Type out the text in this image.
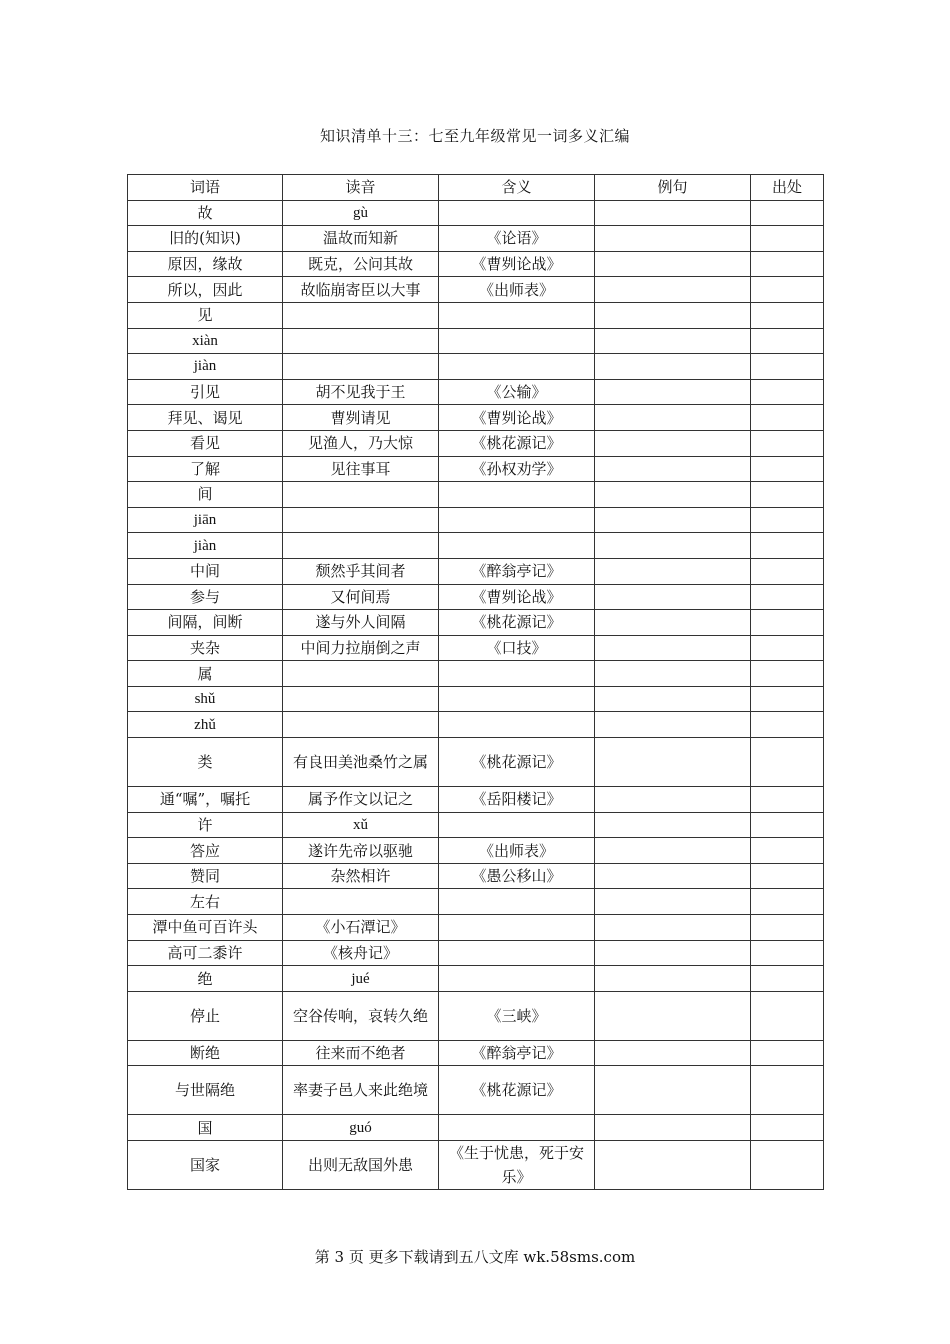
知识清单十三：七至九年级常见一词多义汇编
词语	读音	含义	例句	出处
故	gù			
旧的(知识)	温故而知新	《论语》		
原因，缘故	既克，公问其故	《曹刿论战》		
所以，因此	故临崩寄臣以大事	《出师表》		
见				
xiàn				
jiàn				
引见	胡不见我于王	《公输》		
拜见、谒见	曹刿请见	《曹刿论战》		
看见	见渔人，乃大惊	《桃花源记》		
了解	见往事耳	《孙权劝学》		
间				
jiān				
jiàn				
中间	颓然乎其间者	《醉翁亭记》		
参与	又何间焉	《曹刿论战》		
间隔，间断	遂与外人间隔	《桃花源记》		
夹杂	中间力拉崩倒之声	《口技》		
属				
shǔ				
zhǔ				
类	有良田美池桑竹之属	《桃花源记》		
通“嘱”，嘱托	属予作文以记之	《岳阳楼记》		
许	xǔ			
答应	遂许先帝以驱驰	《出师表》		
赞同	杂然相许	《愚公移山》		
左右				
潭中鱼可百许头	《小石潭记》			
高可二黍许	《核舟记》			
绝	jué			
停止	空谷传响，哀转久绝	《三峡》		
断绝	往来而不绝者	《醉翁亭记》		
与世隔绝	率妻子邑人来此绝境	《桃花源记》		
国	guó			
国家	出则无敌国外患	《生于忧患，死于安乐》		
第 3 页 更多下载请到五八文库 wk.58sms.com
